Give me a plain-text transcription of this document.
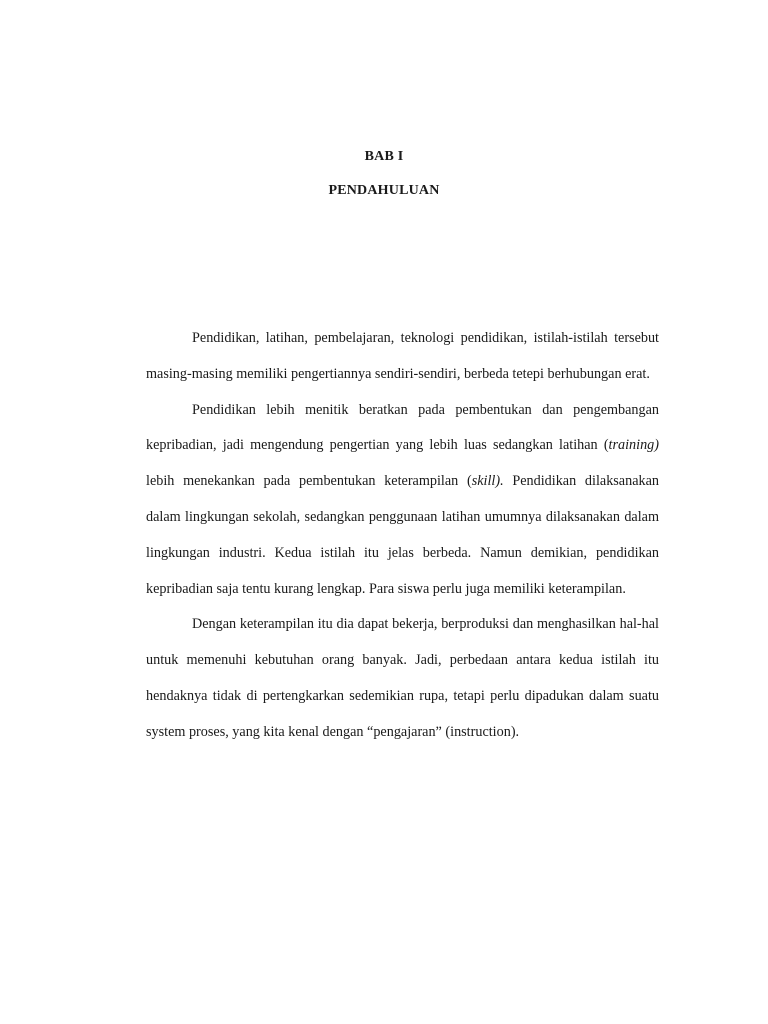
BAB I
PENDAHULUAN

Pendidikan, latihan, pembelajaran, teknologi pendidikan, istilah-istilah tersebut masing-masing memiliki pengertiannya sendiri-sendiri, berbeda tetepi berhubungan erat.

Pendidikan lebih menitik beratkan pada pembentukan dan pengembangan kepribadian, jadi mengendung pengertian yang lebih luas sedangkan latihan (training) lebih menekankan pada pembentukan keterampilan (skill). Pendidikan dilaksanakan dalam lingkungan sekolah, sedangkan penggunaan latihan umumnya dilaksanakan dalam lingkungan industri. Kedua istilah itu jelas berbeda. Namun demikian, pendidikan kepribadian saja tentu kurang lengkap. Para siswa perlu juga memiliki keterampilan.

Dengan keterampilan itu dia dapat bekerja, berproduksi dan menghasilkan hal-hal untuk memenuhi kebutuhan orang banyak. Jadi, perbedaan antara kedua istilah itu hendaknya tidak di pertengkarkan sedemikian rupa, tetapi perlu dipadukan dalam suatu system proses, yang kita kenal dengan “pengajaran” (instruction).
